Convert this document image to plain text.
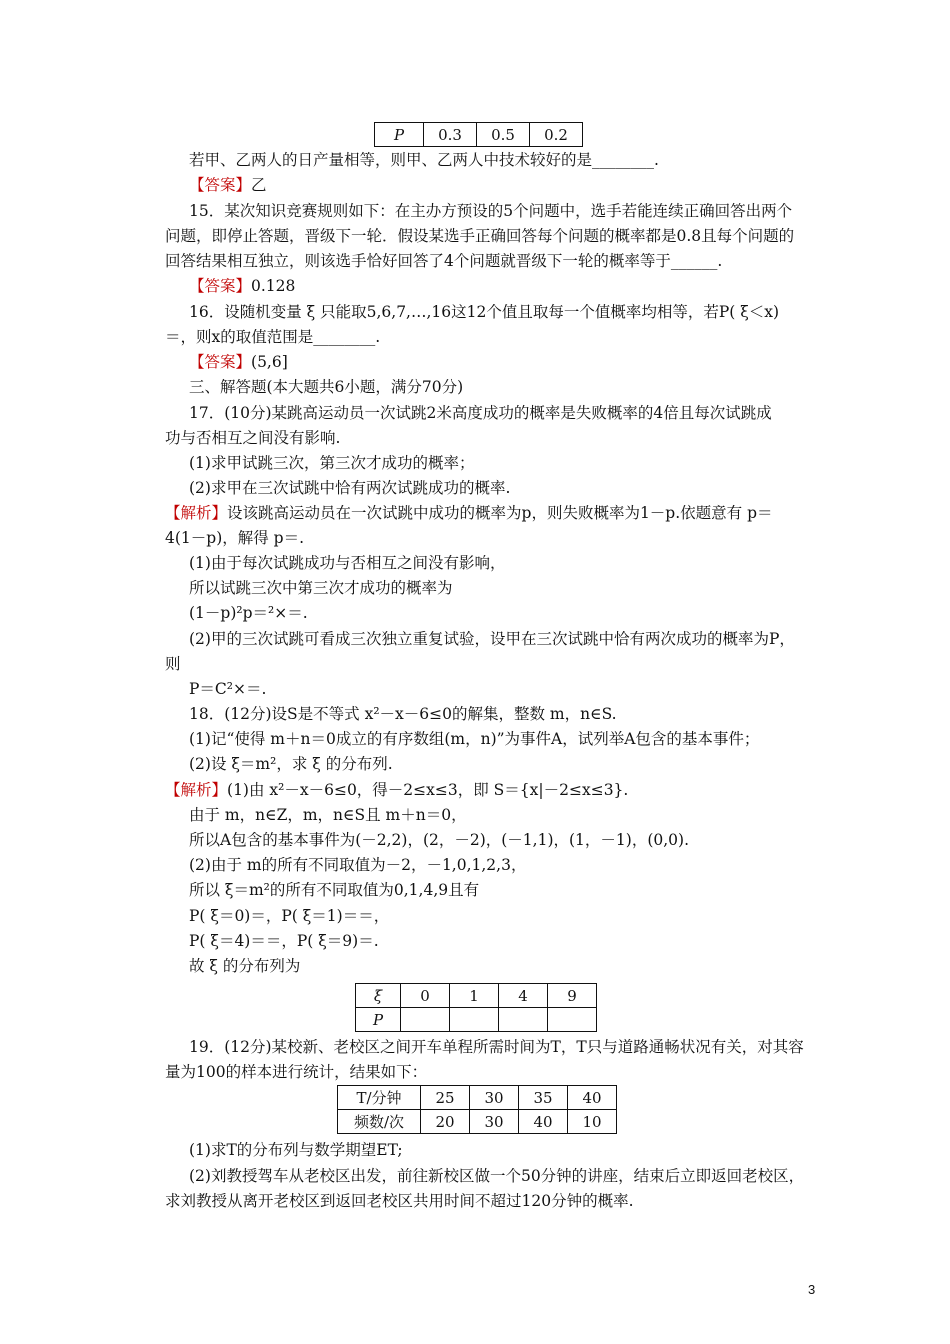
P	0.3	0.5	0.2
若甲、乙两人的日产量相等，则甲、乙两人中技术较好的是________.
【答案】乙
15．某次知识竞赛规则如下：在主办方预设的5个问题中，选手若能连续正确回答出两个
问题，即停止答题，晋级下一轮．假设某选手正确回答每个问题的概率都是0.8且每个问题的
回答结果相互独立，则该选手恰好回答了4个问题就晋级下一轮的概率等于______.
【答案】0.128
16．设随机变量 ξ 只能取5,6,7,…,16这12个值且取每一个值概率均相等，若P( ξ＜x)
＝，则x的取值范围是________.
【答案】(5,6]
三、解答题(本大题共6小题，满分70分)
17．(10分)某跳高运动员一次试跳2米高度成功的概率是失败概率的4倍且每次试跳成
功与否相互之间没有影响.
(1)求甲试跳三次，第三次才成功的概率；
(2)求甲在三次试跳中恰有两次试跳成功的概率.
【解析】设该跳高运动员在一次试跳中成功的概率为p，则失败概率为1－p.依题意有 p＝
4(1－p)，解得 p＝.
(1)由于每次试跳成功与否相互之间没有影响，
所以试跳三次中第三次才成功的概率为
(1－p)²p＝²×＝.
(2)甲的三次试跳可看成三次独立重复试验，设甲在三次试跳中恰有两次成功的概率为P，
则
P＝C²×＝.
18．(12分)设S是不等式 x²－x－6≤0的解集，整数 m，n∈S.
(1)记“使得 m＋n＝0成立的有序数组(m，n)”为事件A，试列举A包含的基本事件；
(2)设 ξ＝m²，求 ξ 的分布列.
【解析】(1)由 x²－x－6≤0，得－2≤x≤3，即 S＝{x|－2≤x≤3}.
由于 m，n∈Z，m，n∈S且 m＋n＝0，
所以A包含的基本事件为(－2,2)，(2，－2)，(－1,1)，(1，－1)，(0,0).
(2)由于 m的所有不同取值为－2，－1,0,1,2,3，
所以 ξ＝m²的所有不同取值为0,1,4,9且有
P( ξ＝0)＝，P( ξ＝1)＝＝，
P( ξ＝4)＝＝，P( ξ＝9)＝.
故 ξ 的分布列为
ξ	0	1	4	9
P				
19．(12分)某校新、老校区之间开车单程所需时间为T，T只与道路通畅状况有关，对其容
量为100的样本进行统计，结果如下：
T/分钟	25	30	35	40
频数/次	20	30	40	10
(1)求T的分布列与数学期望ET;
(2)刘教授驾车从老校区出发，前往新校区做一个50分钟的讲座，结束后立即返回老校区，
求刘教授从离开老校区到返回老校区共用时间不超过120分钟的概率.
3
